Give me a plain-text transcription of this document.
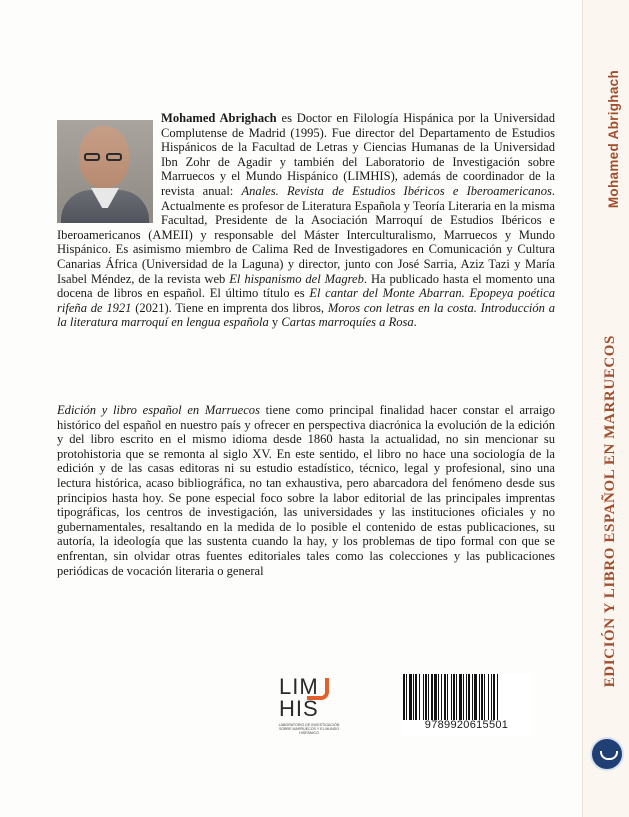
Mohamed Abrighach es Doctor en Filología Hispánica por la Universidad Complutense de Madrid (1995). Fue director del Departamento de Estudios Hispánicos de la Facultad de Letras y Ciencias Humanas de la Universidad Ibn Zohr de Agadir y también del Laboratorio de Investigación sobre Marruecos y el Mundo Hispánico (LIMHIS), además de coordinador de la revista anual: Anales. Revista de Estudios Ibéricos e Iberoamericanos. Actualmente es profesor de Literatura Española y Teoría Literaria en la misma Facultad, Presidente de la Asociación Marroquí de Estudios Ibéricos e Iberoamericanos (AMEII) y responsable del Máster Interculturalismo, Marruecos y Mundo Hispánico. Es asimismo miembro de Calima Red de Investigadores en Comunicación y Cultura Canarias África (Universidad de la Laguna) y director, junto con José Sarria, Aziz Tazi y María Isabel Méndez, de la revista web El hispanismo del Magreb. Ha publicado hasta el momento una docena de libros en español. El último título es El cantar del Monte Abarran. Epopeya poética rifeña de 1921 (2021). Tiene en imprenta dos libros, Moros con letras en la costa. Introducción a la literatura marroquí en lengua española y Cartas marroquíes a Rosa.

Edición y libro español en Marruecos tiene como principal finalidad hacer constar el arraigo histórico del español en nuestro país y ofrecer en perspectiva diacrónica la evolución de la edición y del libro escrito en el mismo idioma desde 1860 hasta la actualidad, no sin mencionar su protohistoria que se remonta al siglo XV. En este sentido, el libro no hace una sociología de la edición y de las casas editoras ni su estudio estadístico, técnico, legal y profesional, sino una lectura histórica, acaso bibliográfica, no tan exhaustiva, pero abarcadora del fenómeno desde sus principios hasta hoy. Se pone especial foco sobre la labor editorial de las principales imprentas tipográficas, los centros de investigación, las universidades y las instituciones oficiales y no gubernamentales, resaltando en la medida de lo posible el contenido de estas publicaciones, su autoría, la ideología que las sustenta cuando la hay, y los problemas de tipo formal con que se enfrentan, sin olvidar otras fuentes editoriales tales como las colecciones y las publicaciones periódicas de vocación literaria o general

LIM
HIS
LABORATORIO DE INVESTIGACIÓN SOBRE MARRUECOS Y EL MUNDO HISPÁNICO
9789920615501
Mohamed Abrighach
EDICIÓN Y LIBRO ESPAÑOL EN MARRUECOS
